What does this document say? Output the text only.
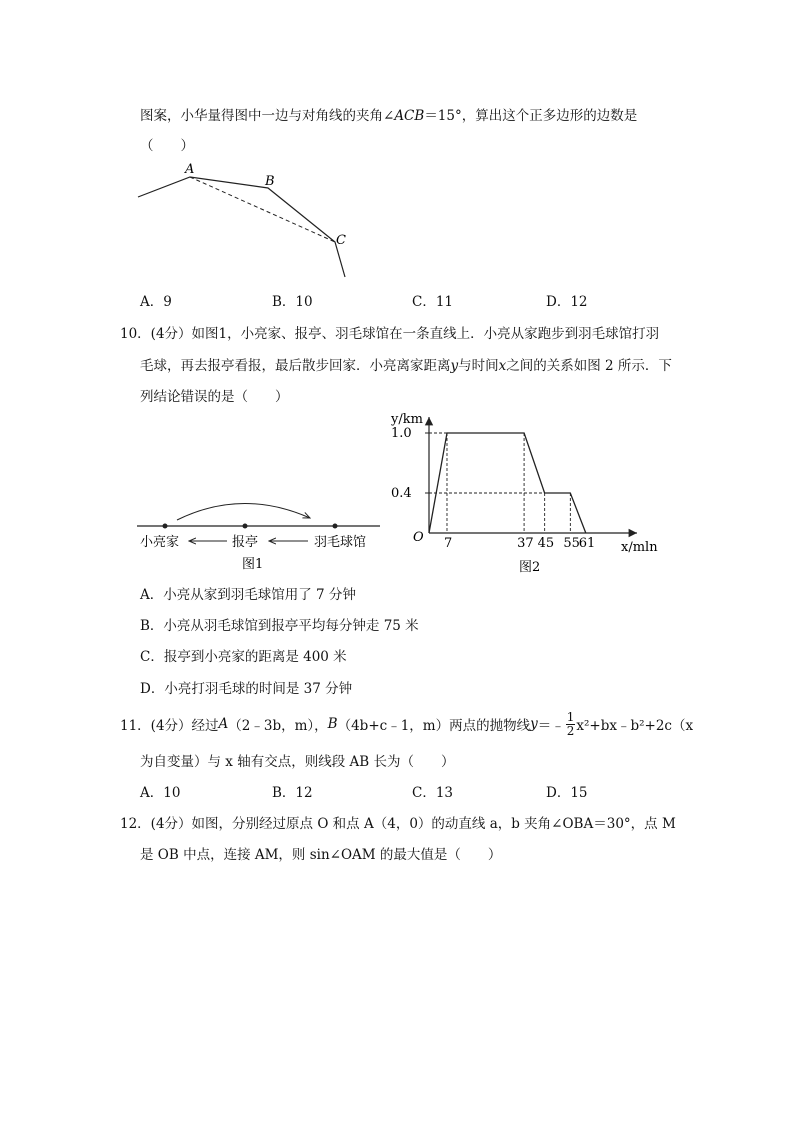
图案，小华量得图中一边与对角线的夹角∠ACB＝15°，算出这个正多边形的边数是
（　　）
A
B
C
A．9	B．10	C．11	D．12
10．(4分）如图1，小亮家、报亭、羽毛球馆在一条直线上．小亮从家跑步到羽毛球馆打羽
毛球，再去报亭看报，最后散步回家．小亮离家距离y与时间x之间的关系如图 2 所示．下
列结论错误的是（　　）
小亮家	报亭	羽毛球馆
图1
y/km
x/mln
O
0.4
1.0
7	37 45 55
61
图2
A．小亮从家到羽毛球馆用了 7 分钟
B．小亮从羽毛球馆到报亭平均每分钟走 75 米
C．报亭到小亮家的距离是 400 米
D．小亮打羽毛球的时间是 37 分钟
11．(4分）经过 A （2﹣3b，m）， B （4b+c﹣1，m）两点的抛物线 y ＝﹣ $\frac{1}{2}$ x²+bx﹣b²+2c（x
为自变量）与 x 轴有交点，则线段 AB 长为（　　）
A．10	B．12	C．13	D．15
12．(4分）如图，分别经过原点 O 和点 A（4，0）的动直线 a，b 夹角∠OBA＝30°，点 M
是 OB 中点，连接 AM，则 sin∠OAM 的最大值是（　　）
